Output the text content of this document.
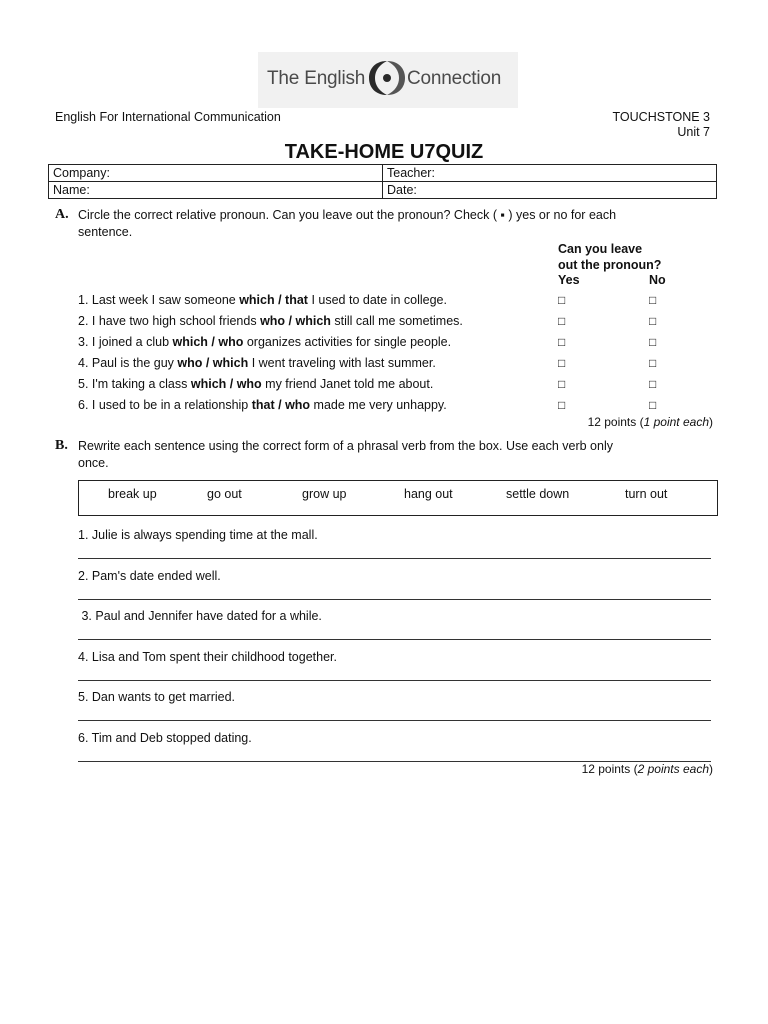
The English Connection
English For International Communication	TOUCHSTONE 3
Unit 7
TAKE-HOME U7QUIZ
Company:	Teacher:
Name:	Date:
A. Circle the correct relative pronoun. Can you leave out the pronoun? Check ( ▪ ) yes or no for each
sentence.
Can you leave
out the pronoun?
Yes	No
1. Last week I saw someone which / that I used to date in college.	□	□
2. I have two high school friends who / which still call me sometimes.	□	□
3. I joined a club which / who organizes activities for single people.	□	□
4. Paul is the guy who / which I went traveling with last summer.	□	□
5. I'm taking a class which / who my friend Janet told me about.	□	□
6. I used to be in a relationship that / who made me very unhappy.	□	□
12 points (1 point each)
B. Rewrite each sentence using the correct form of a phrasal verb from the box. Use each verb only
once.
break up	go out	grow up	hang out	settle down	turn out
1. Julie is always spending time at the mall.
2. Pam's date ended well.
3. Paul and Jennifer have dated for a while.
4. Lisa and Tom spent their childhood together.
5. Dan wants to get married.
6. Tim and Deb stopped dating.
12 points (2 points each)
